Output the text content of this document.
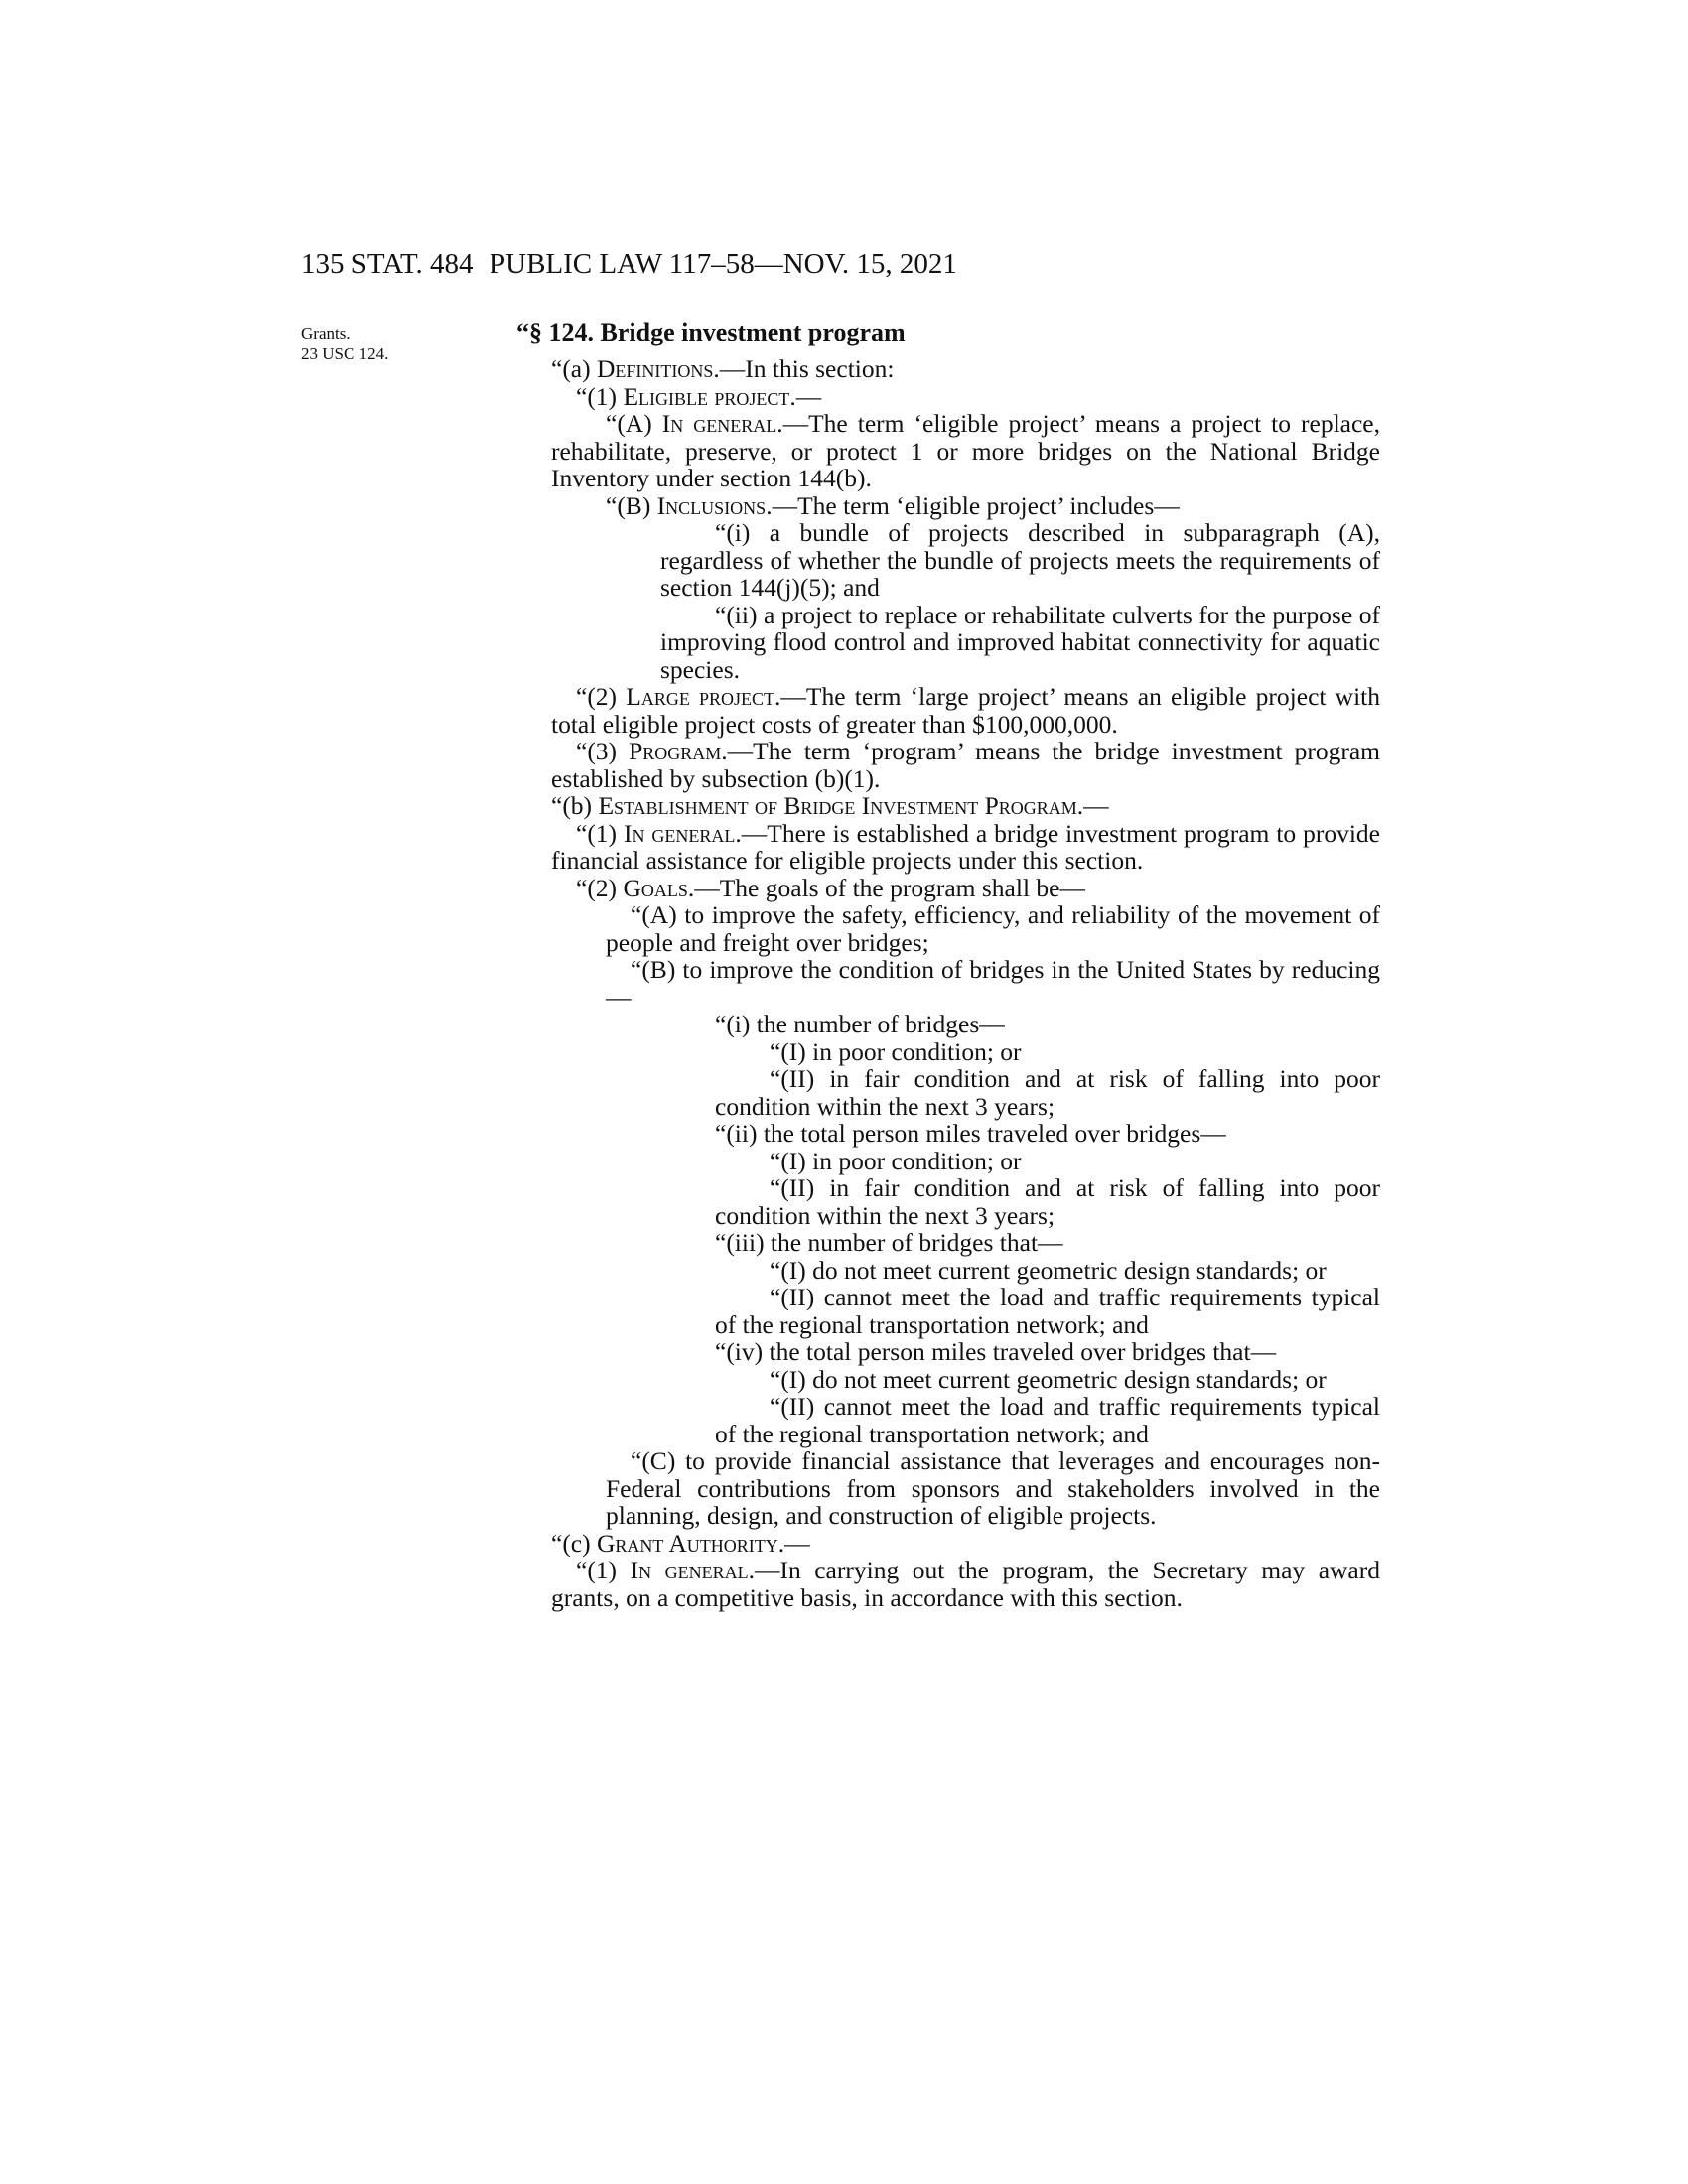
135 STAT. 484 PUBLIC LAW 117–58—NOV. 15, 2021
Grants.
23 USC 124.
“§ 124. Bridge investment program

“(a) Definitions.—In this section:

“(1) Eligible project.—

“(A) In general.—The term ‘eligible project’ means a project to replace, rehabilitate, preserve, or protect 1 or more bridges on the National Bridge Inventory under section 144(b).

“(B) Inclusions.—The term ‘eligible project’ includes—

“(i) a bundle of projects described in subparagraph (A), regardless of whether the bundle of projects meets the requirements of section 144(j)(5); and

“(ii) a project to replace or rehabilitate culverts for the purpose of improving flood control and improved habitat connectivity for aquatic species.

“(2) Large project.—The term ‘large project’ means an eligible project with total eligible project costs of greater than $100,000,000.

“(3) Program.—The term ‘program’ means the bridge investment program established by subsection (b)(1).

“(b) Establishment of Bridge Investment Program.—

“(1) In general.—There is established a bridge investment program to provide financial assistance for eligible projects under this section.

“(2) Goals.—The goals of the program shall be—

“(A) to improve the safety, efficiency, and reliability of the movement of people and freight over bridges;

“(B) to improve the condition of bridges in the United States by reducing—

“(i) the number of bridges—

“(I) in poor condition; or

“(II) in fair condition and at risk of falling into poor condition within the next 3 years;

“(ii) the total person miles traveled over bridges—

“(I) in poor condition; or

“(II) in fair condition and at risk of falling into poor condition within the next 3 years;

“(iii) the number of bridges that—

“(I) do not meet current geometric design standards; or

“(II) cannot meet the load and traffic requirements typical of the regional transportation network; and

“(iv) the total person miles traveled over bridges that—

“(I) do not meet current geometric design standards; or

“(II) cannot meet the load and traffic requirements typical of the regional transportation network; and

“(C) to provide financial assistance that leverages and encourages non-Federal contributions from sponsors and stakeholders involved in the planning, design, and construction of eligible projects.

“(c) Grant Authority.—

“(1) In general.—In carrying out the program, the Secretary may award grants, on a competitive basis, in accordance with this section.
